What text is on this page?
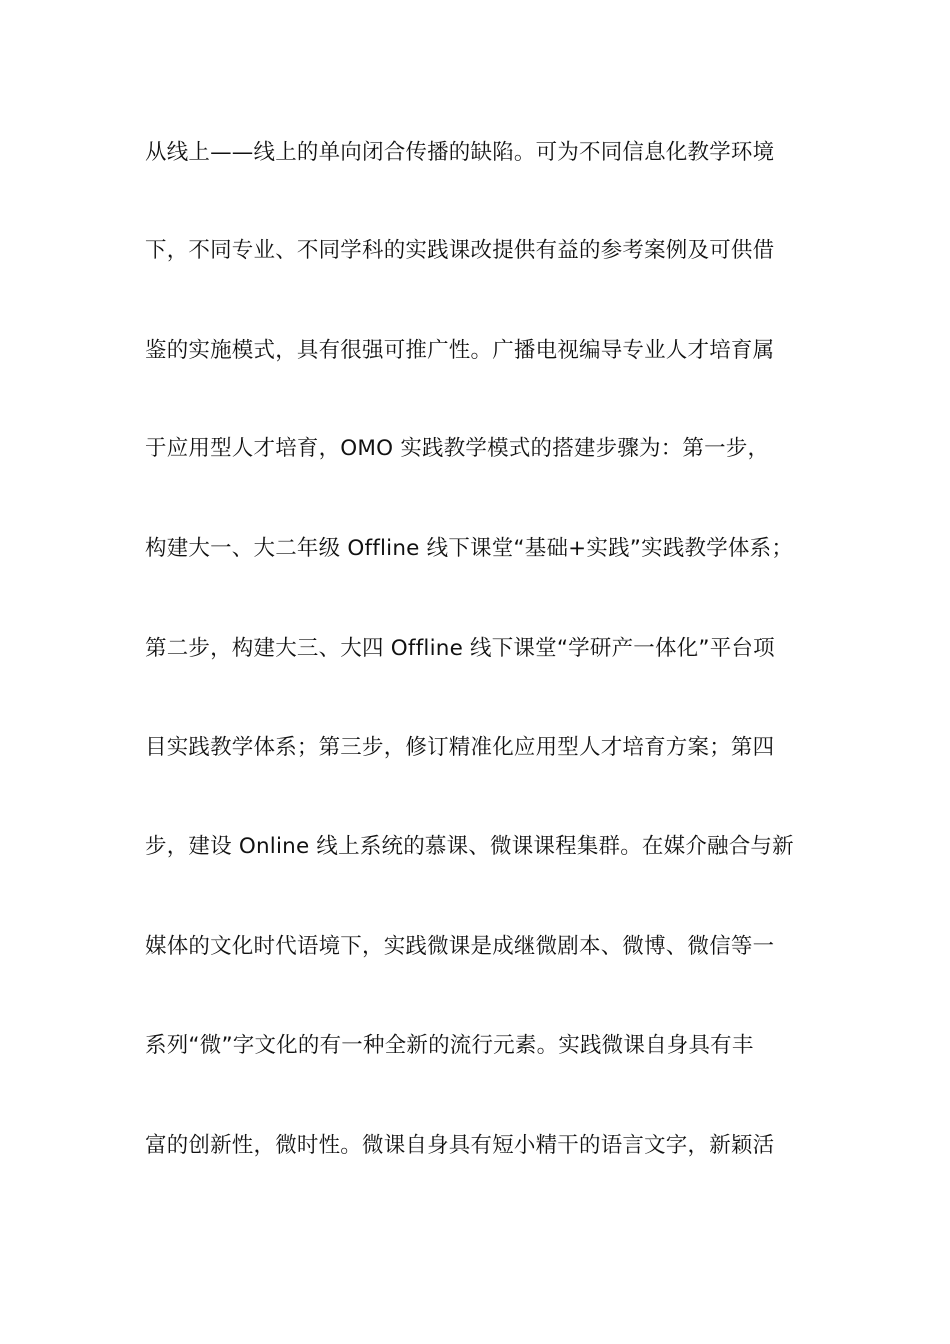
从线上——线上的单向闭合传播的缺陷。可为不同信息化教学环境
下，不同专业、不同学科的实践课改提供有益的参考案例及可供借
鉴的实施模式，具有很强可推广性。广播电视编导专业人才培育属
于应用型人才培育，OMO 实践教学模式的搭建步骤为：第一步，
构建大一、大二年级 Offline 线下课堂“基础+实践”实践教学体系；
第二步，构建大三、大四 Offline 线下课堂“学研产一体化”平台项
目实践教学体系；第三步，修订精准化应用型人才培育方案；第四
步，建设 Online 线上系统的慕课、微课课程集群。在媒介融合与新
媒体的文化时代语境下，实践微课是成继微剧本、微博、微信等一
系列“微”字文化的有一种全新的流行元素。实践微课自身具有丰
富的创新性，微时性。微课自身具有短小精干的语言文字，新颖活
